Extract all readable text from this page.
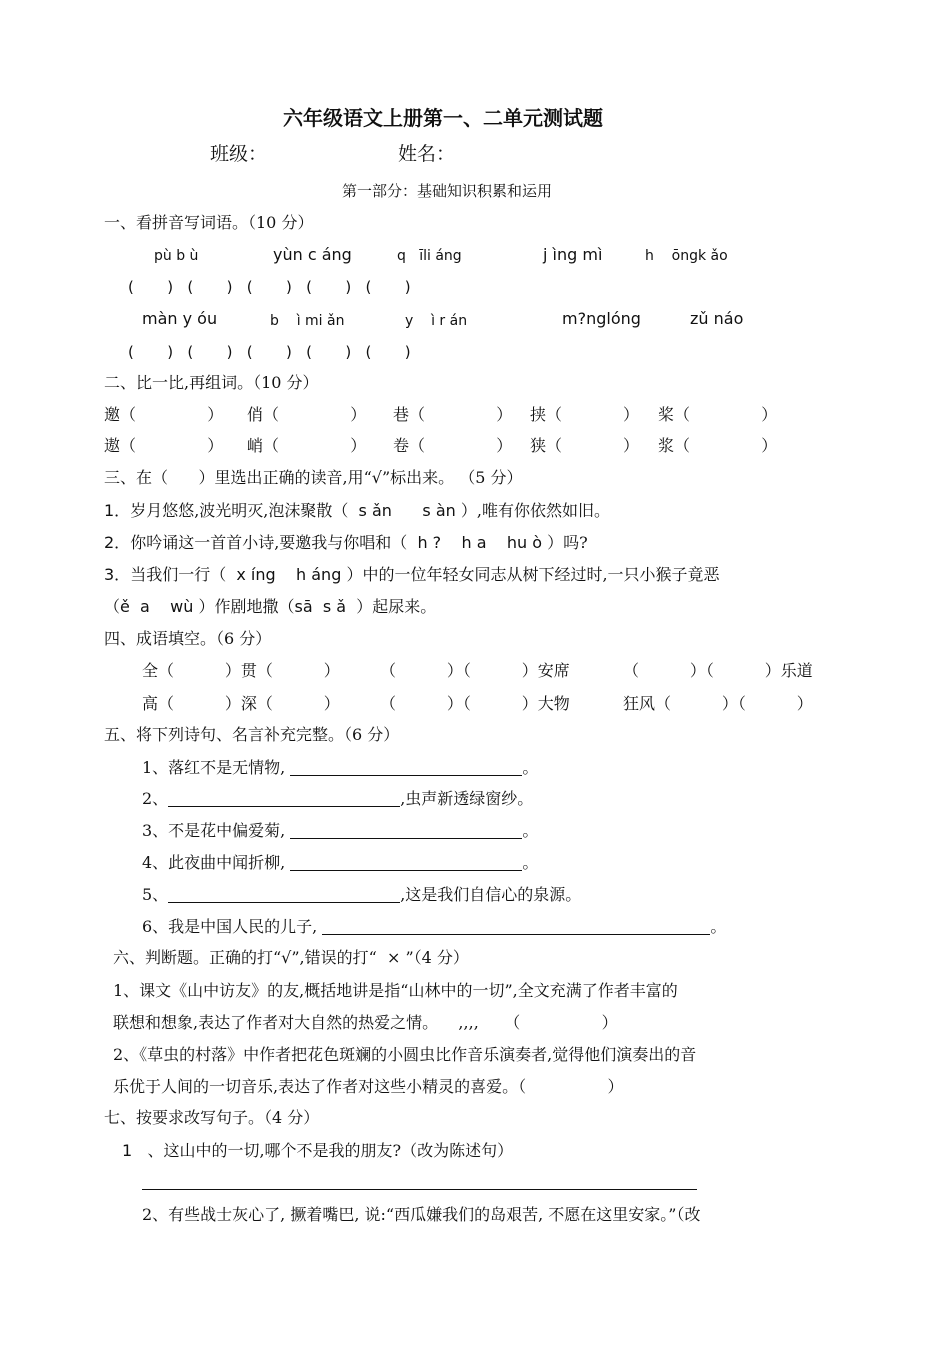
六年级语文上册第一、二单元测试题
班级：	姓名：
第一部分：基础知识积累和运用
一、看拼音写词语。（10 分）
pù b ù	yùn c áng	q   īli áng	j ìng mì	h    ōngk ǎo
(       )   (       )   (       )   (       )   (       )
màn y óu	b    ì mi ǎn	y    ì r án	m?nglóng	zǔ náo
(       )   (       )   (       )   (       )   (       )
二、比一比,再组词。（10 分）
邀（              ） 俏（              ） 巷（              ） 挟（            ） 桨（              ）
遨（              ） 峭（              ） 卷（              ） 狭（            ） 浆（              ）
三、在（      ）里选出正确的读音,用“√”标出来。 （5 分）
1．岁月悠悠,波光明灭,泡沫聚散（ s ǎn      s àn ）,唯有你依然如旧。
2．你吟诵这一首首小诗,要邀我与你唱和（ h ?    h a    hu ò ）吗?
3．当我们一行（ x íng    h áng ）中的一位年轻女同志从树下经过时,一只小猴子竟恶
（ě  a    wù ）作剧地撒（sā  s ǎ ）起尿来。
四、成语填空。（6 分）
全（          ）贯（          ）	（          ）（          ）安席	（          ）（          ）乐道
高（          ）深（          ）	（          ）（          ）大物	狂风（          ）（          ）
五、将下列诗句、名言补充完整。（6 分）
1、落红不是无情物,	。
2、	,虫声新透绿窗纱。
3、不是花中偏爱菊,	。
4、此夜曲中闻折柳,	。
5、	,这是我们自信心的泉源。
6、我是中国人民的儿子,	。
六、判断题。正确的打“√”,错误的打“  × ”（4 分）
1、课文《山中访友》的友,概括地讲是指“山林中的一切”,全文充满了作者丰富的
联想和想象,表达了作者对大自然的热爱之情。    ,,,,     （                ）
2、《草虫的村落》中作者把花色斑斓的小圆虫比作音乐演奏者,觉得他们演奏出的音
乐优于人间的一切音乐,表达了作者对这些小精灵的喜爱。（                ）
七、按要求改写句子。（4 分）
1 、这山中的一切,哪个不是我的朋友?（改为陈述句）
2、有些战士灰心了, 撅着嘴巴, 说:“西瓜嫌我们的岛艰苦, 不愿在这里安家。”（改
